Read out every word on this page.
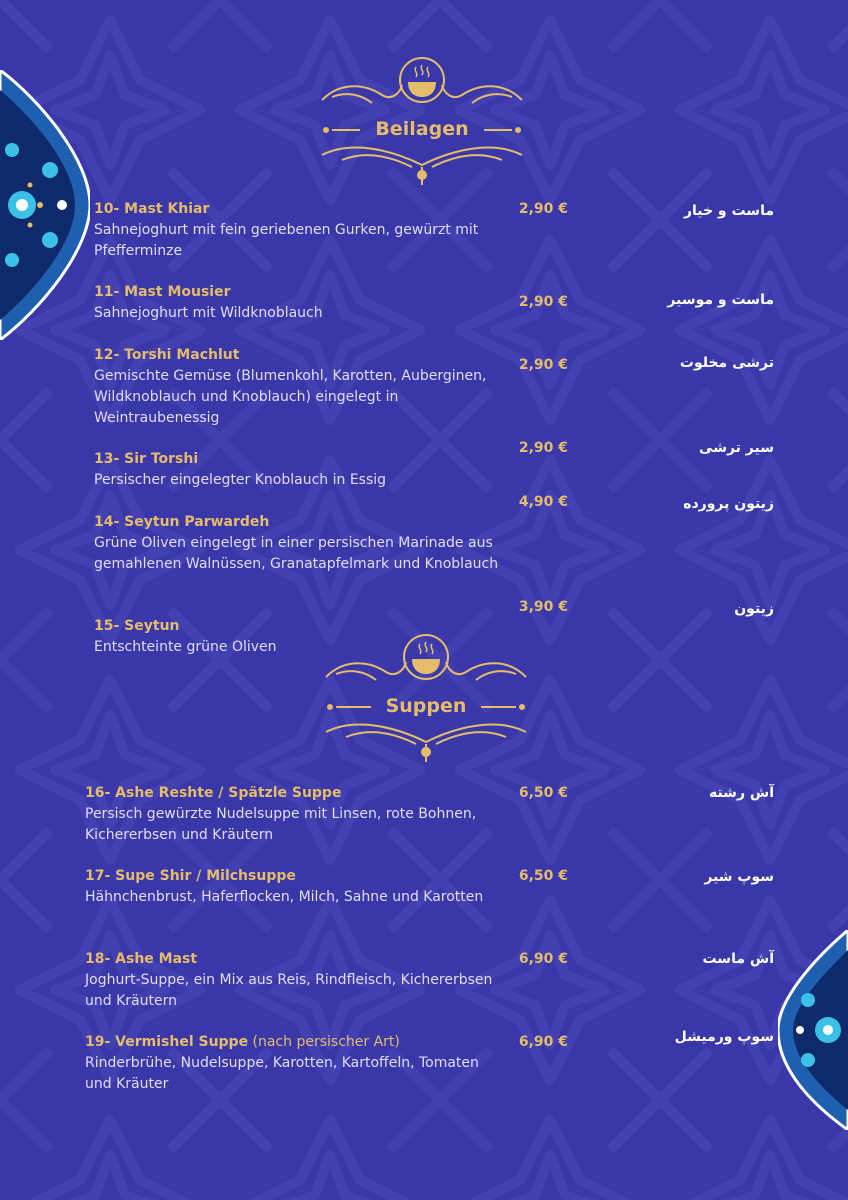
Beilagen
Suppen
10- Mast Khiar
Sahnejoghurt mit fein geriebenen Gurken, gewürzt mit Pfefferminze
2,90 €	ماست و خیار
11- Mast Mousier
Sahnejoghurt mit Wildknoblauch
2,90 €	ماست و موسیر
12- Torshi Machlut
Gemischte Gemüse (Blumenkohl, Karotten, Auberginen, Wildknoblauch und Knoblauch) eingelegt in Weintraubenessig
2,90 €	ترشی مخلوت
13- Sir Torshi
Persischer eingelegter Knoblauch in Essig
2,90 €	سیر ترشی
14- Seytun Parwardeh
Grüne Oliven eingelegt in einer persischen Marinade aus gemahlenen Walnüssen, Granatapfelmark und Knoblauch
4,90 €	زیتون پرورده
15- Seytun
Entschteinte grüne Oliven
3,90 €	زیتون
16- Ashe Reshte / Spätzle Suppe
Persisch gewürzte Nudelsuppe mit Linsen, rote Bohnen, Kichererbsen und Kräutern
6,50 €	آش رشته
17- Supe Shir / Milchsuppe
Hähnchenbrust, Haferflocken, Milch, Sahne und Karotten
6,50 €	سوپ شیر
18- Ashe Mast
Joghurt-Suppe, ein Mix aus Reis, Rindfleisch, Kichererbsen und Kräutern
6,90 €	آش ماست
19- Vermishel Suppe (nach persischer Art)
Rinderbrühe, Nudelsuppe, Karotten, Kartoffeln, Tomaten und Kräuter
6,90 €	سوپ ورمیشل
